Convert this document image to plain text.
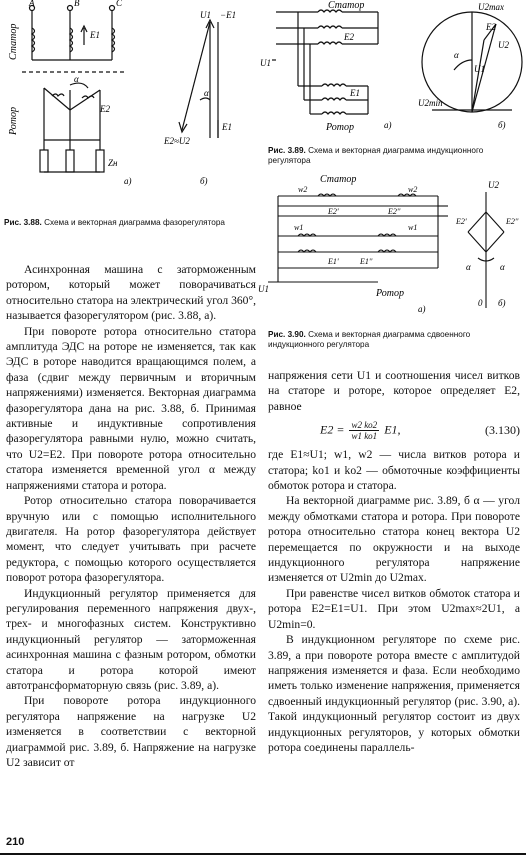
A	B	C
Статор
Ротор
E1
α
E2
Zн
а)
U1 −E1
α
E2≈U2
E1
б)
Рис. 3.88. Схема и векторная диаграмма фазорегулятора
Статор
E2
E1
U1
Ротор	а)
U2max
E2
U2
α
U1
U2min
б)
Рис. 3.89. Схема и векторная диаграмма индукционного регулятора
Статор
w2	w2
E2'	E2''
w1	w1
E1'	E1''
U1	Ротор
а)
U2
E2'	E2''
α	α
0 б)
Рис. 3.90. Схема и векторная диаграмма сдвоенного индукционного регулятора

Асинхронная машина с заторможенным ротором, который может поворачиваться относительно статора на электрический угол 360°, называется фазорегулятором (рис. 3.88, а).

При повороте ротора относительно статора амплитуда ЭДС на роторе не изменяется, так как ЭДС в роторе наводится вращающимся полем, а фаза (сдвиг между первичным и вторичным напряжениями) изменяется. Векторная диаграмма фазорегулятора дана на рис. 3.88, б. Принимая активные и индуктивные сопротивления фазорегулятора равными нулю, можно считать, что U2=E2. При повороте ротора относительно статора изменяется временной угол α между напряжениями статора и ротора.

Ротор относительно статора поворачивается вручную или с помощью исполнительного двигателя. На ротор фазорегулятора действует момент, что следует учитывать при расчете редуктора, с помощью которого осуществляется поворот ротора фазорегулятора.

Индукционный регулятор применяется для регулирования переменного напряжения двух-, трех- и многофазных систем. Конструктивно индукционный регулятор — заторможенная асинхронная машина с фазным ротором, обмотки статора и ротора которой имеют автотрансформаторную связь (рис. 3.89, а).

При повороте ротора индукционного регулятора напряжение на нагрузке U2 изменяется в соответствии с векторной диаграммой рис. 3.89, б. Напряжение на нагрузке U2 зависит от

напряжения сети U1 и соотношения чисел витков на статоре и роторе, которое определяет E2, равное

$E2 = \frac{w2 kо2}{w1 kо1} E1$,	(3.130)

где E1≈U1; w1, w2 — числа витков ротора и статора; kо1 и kо2 — обмоточные коэффициенты обмоток ротора и статора.

На векторной диаграмме рис. 3.89, б α — угол между обмотками статора и ротора. При повороте ротора относительно статора конец вектора U2 перемещается по окружности и на выходе индукционного регулятора напряжение изменяется от U2min до U2max.

При равенстве чисел витков обмоток статора и ротора E2=E1=U1. При этом U2max≈2U1, а U2min=0.

В индукционном регуляторе по схеме рис. 3.89, а при повороте ротора вместе с амплитудой напряжения изменяется и фаза. Если необходимо иметь только изменение напряжения, применяется сдвоенный индукционный регулятор (рис. 3.90, а). Такой индукционный регулятор состоит из двух индукционных регуляторов, у которых обмотки ротора соединены параллель-

210
